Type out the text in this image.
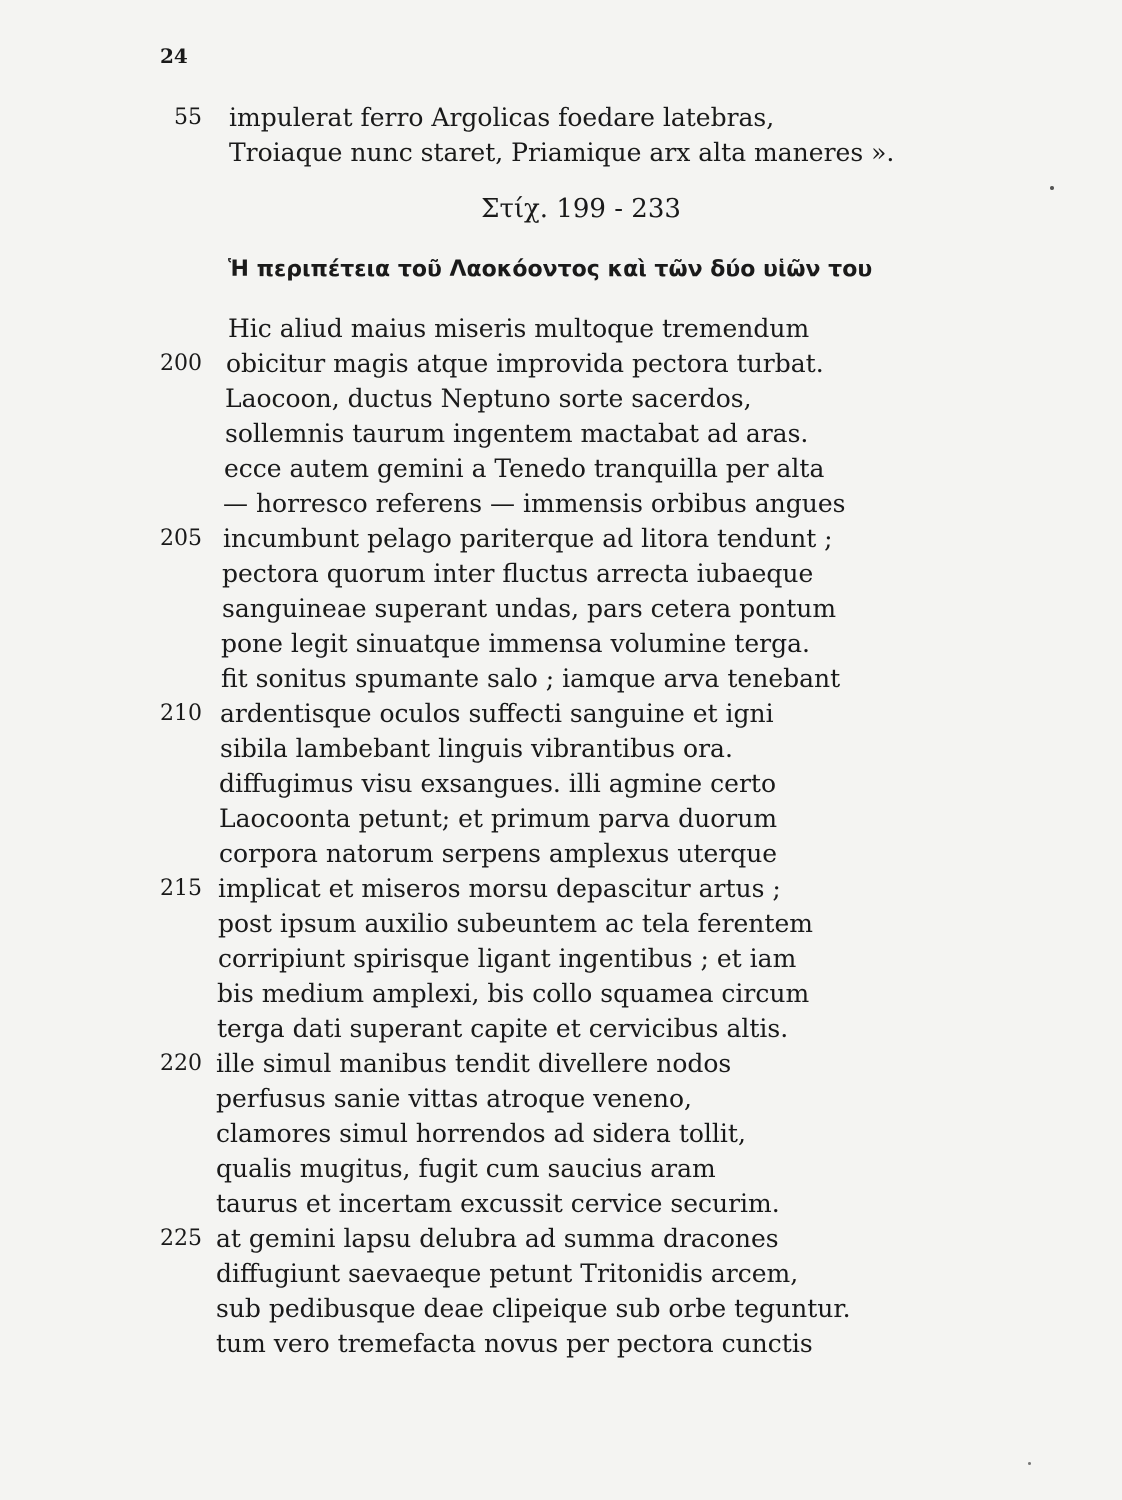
24
55 impulerat ferro Argolicas foedare latebras,
Troiaque nunc staret, Priamique arx alta maneres ».
Στίχ. 199 - 233
Ἡ περιπέτεια τοῦ Λαοκόοντος καὶ τῶν δύο υἱῶν του
Hic aliud maius miseris multoque tremendum
200 obicitur magis atque improvida pectora turbat.
Laocoon, ductus Neptuno sorte sacerdos,
sollemnis taurum ingentem mactabat ad aras.
ecce autem gemini a Tenedo tranquilla per alta
— horresco referens — immensis orbibus angues
205 incumbunt pelago pariterque ad litora tendunt ;
pectora quorum inter fluctus arrecta iubaeque
sanguineae superant undas, pars cetera pontum
pone legit sinuatque immensa volumine terga.
fit sonitus spumante salo ; iamque arva tenebant
210 ardentisque oculos suffecti sanguine et igni
sibila lambebant linguis vibrantibus ora.
diffugimus visu exsangues. illi agmine certo
Laocoonta petunt; et primum parva duorum
corpora natorum serpens amplexus uterque
215 implicat et miseros morsu depascitur artus ;
post ipsum auxilio subeuntem ac tela ferentem
corripiunt spirisque ligant ingentibus ; et iam
bis medium amplexi, bis collo squamea circum
terga dati superant capite et cervicibus altis.
220 ille simul manibus tendit divellere nodos
perfusus sanie vittas atroque veneno,
clamores simul horrendos ad sidera tollit,
qualis mugitus, fugit cum saucius aram
taurus et incertam excussit cervice securim.
225 at gemini lapsu delubra ad summa dracones
diffugiunt saevaeque petunt Tritonidis arcem,
sub pedibusque deae clipeique sub orbe teguntur.
tum vero tremefacta novus per pectora cunctis
